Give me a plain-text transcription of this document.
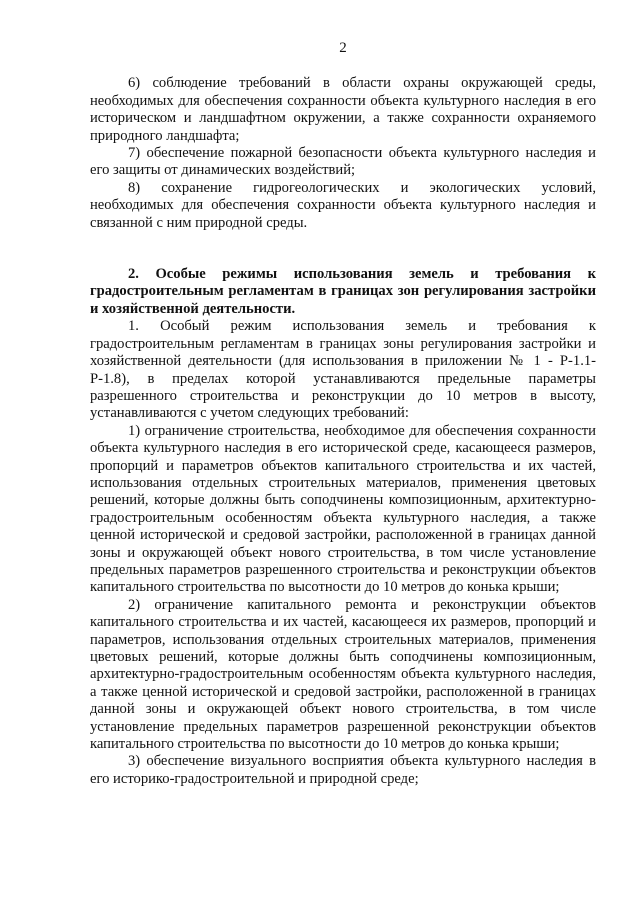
2

6) соблюдение требований в области охраны окружающей среды, необходимых для обеспечения сохранности объекта культурного наследия в его историческом и ландшафтном окружении, а также сохранности охраняемого природного ландшафта;

7) обеспечение пожарной безопасности объекта культурного наследия и его защиты от динамических воздействий;

8) сохранение гидрогеологических и экологических условий, необходимых для обеспечения сохранности объекта культурного наследия и связанной с ним природной среды.

2. Особые режимы использования земель и требования к градостроительным регламентам в границах зон регулирования застройки и хозяйственной деятельности.

1. Особый режим использования земель и требования к градостроительным регламентам в границах зоны регулирования застройки и хозяйственной деятельности (для использования в приложении № 1 - Р-1.1-Р-1.8), в пределах которой устанавливаются предельные параметры разрешенного строительства и реконструкции до 10 метров в высоту, устанавливаются с учетом следующих требований:

1) ограничение строительства, необходимое для обеспечения сохранности объекта культурного наследия в его исторической среде, касающееся размеров, пропорций и параметров объектов капитального строительства и их частей, использования отдельных строительных материалов, применения цветовых решений, которые должны быть соподчинены композиционным, архитектурно-градостроительным особенностям объекта культурного наследия, а также ценной исторической и средовой застройки, расположенной в границах данной зоны и окружающей объект нового строительства, в том числе установление предельных параметров разрешенного строительства и реконструкции объектов капитального строительства по высотности до 10 метров до конька крыши;

2) ограничение капитального ремонта и реконструкции объектов капитального строительства и их частей, касающееся их размеров, пропорций и параметров, использования отдельных строительных материалов, применения цветовых решений, которые должны быть соподчинены композиционным, архитектурно-градостроительным особенностям объекта культурного наследия, а также ценной исторической и средовой застройки, расположенной в границах данной зоны и окружающей объект нового строительства, в том числе установление предельных параметров разрешенной реконструкции объектов капитального строительства по высотности до 10 метров до конька крыши;

3) обеспечение визуального восприятия объекта культурного наследия в его историко-градостроительной и природной среде;
